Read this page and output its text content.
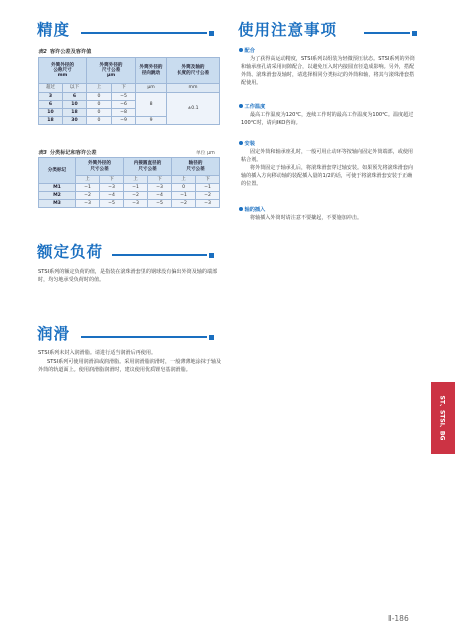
精度
表2 容许公差及容许值
外筒外径的
公称尺寸
mm		外筒外径的
尺寸公差
μm		外筒外径的
径向跳动	外筒及轴的
长度的尺寸公差
超过	以下	上	下	μm	mm
3	6	0	−5	8	±0.1
6	10	0	−6		
10	18	0	−8		
18	30	0	−9	9	
表3 分类标记和容许公差	单位 μm
分类标记	外筒外径的
尺寸公差		内接圆直径的
尺寸公差		轴径的
尺寸公差	
	上	下	上	下	上	下
M1	−1	−3	−1	−3	0	−1
M2	−2	−4	−2	−4	−1	−2
M3	−3	−5	−3	−5	−2	−3
额定负荷
STSI系列的额定负荷的值，是指装在滚珠滑套里的钢球没有偏出外筒及轴的端部时，均匀地承受负荷时的值。
润滑
STSI系列未封入润滑脂。请进行适当润滑后再使用。
STSI系列可使用润滑油或润滑脂。采用润滑脂润滑时，一般薄薄地涂抹于轴及外筒的轨道面上。使用润滑脂润滑时，建议使用优质锂皂基润滑脂。
使用注意事项
配合
为了获得高运动精度，STSI系列以组装为轻微预压状态。STSI系列的外筒和轴承座孔请采用间隙配合，以避免压入时内接圆直径造成影响。另外，搭配外筒、滚珠滑套及轴时，请选择相同分类标记的外筒和轴，将其与滚珠滑套搭配使用。
工作温度
最高工作温度为120℃，连续工作时的最高工作温度为100℃。温度超过100℃时，请向IKO咨询。
安装
固定外筒和轴承座孔时，一般可用止动环等按轴向固定外筒端部，或使用粘合剂。
将外筒固定于轴承孔后，将滚珠滑套穿过轴安装。如果预先将滚珠滑套向轴的插入方向移动轴的装配插入量的1/2的话，可使于将滚珠滑套安装于正确的位置。
轴的插入
将轴插入外筒时请注意不要撬起，不要施加冲击。
ST、STSI、BG
Ⅱ-186
